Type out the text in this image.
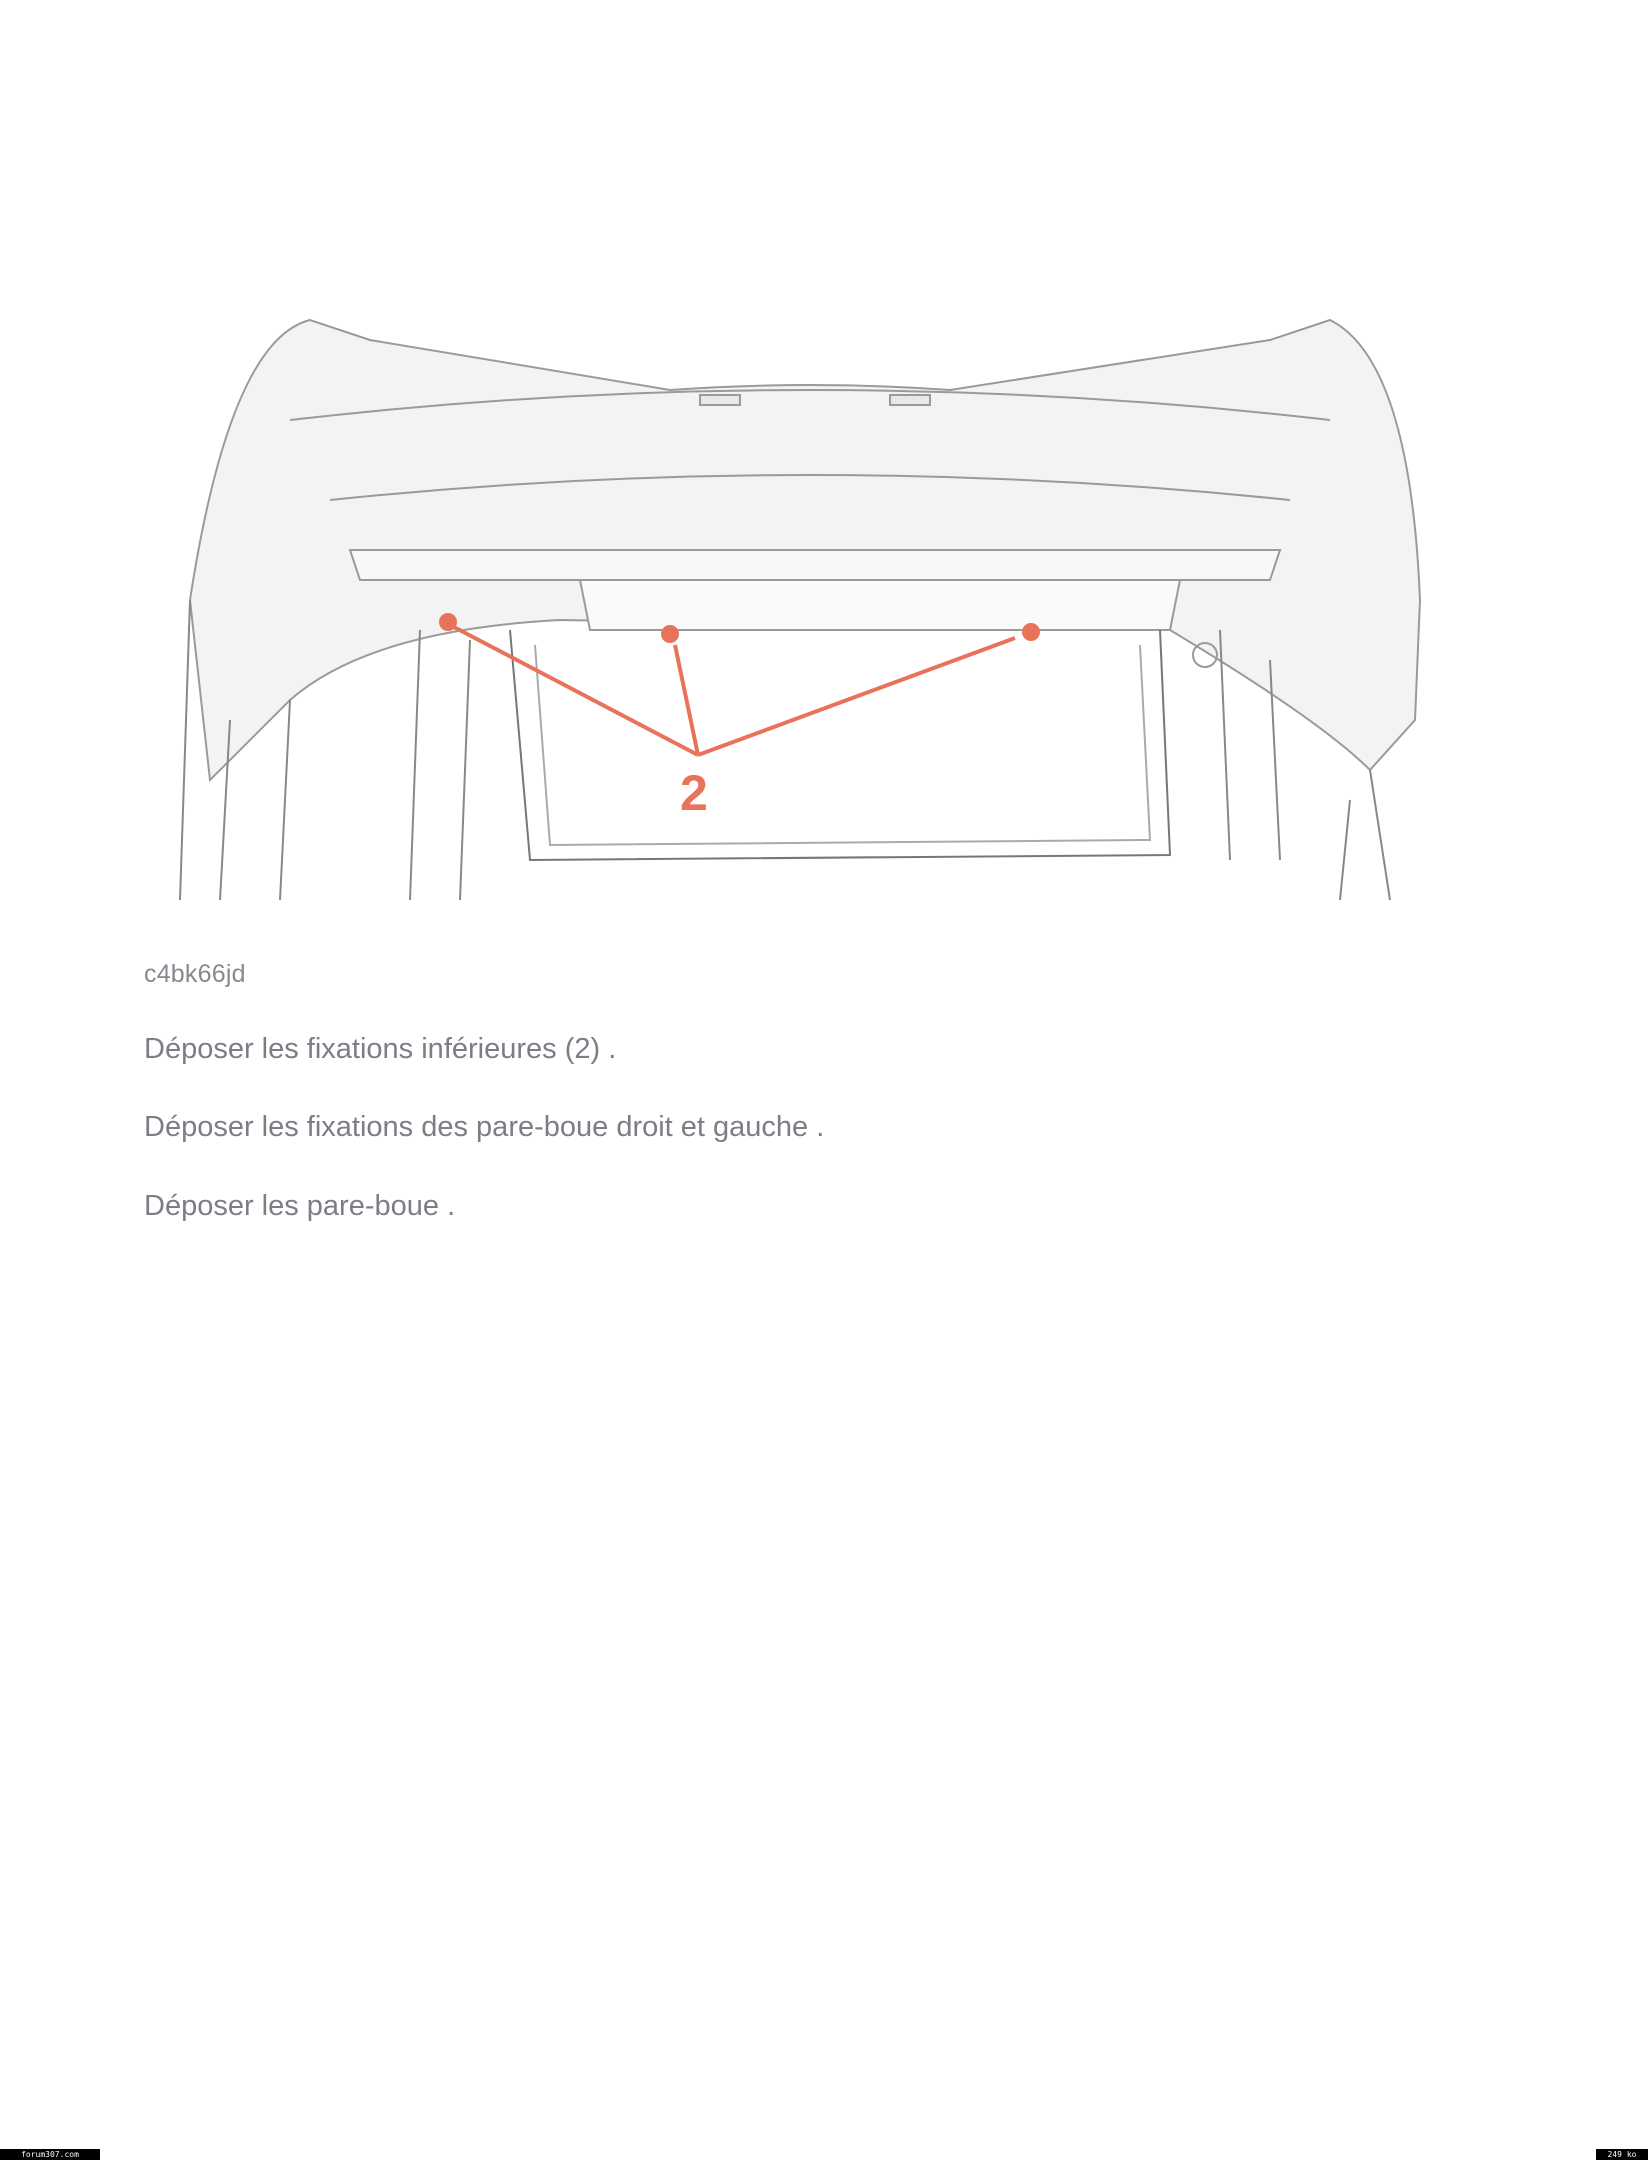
2
c4bk66jd
Déposer les fixations inférieures (2) .
Déposer les fixations des pare-boue droit et gauche .
Déposer les pare-boue .
forum307.com	249 ko
